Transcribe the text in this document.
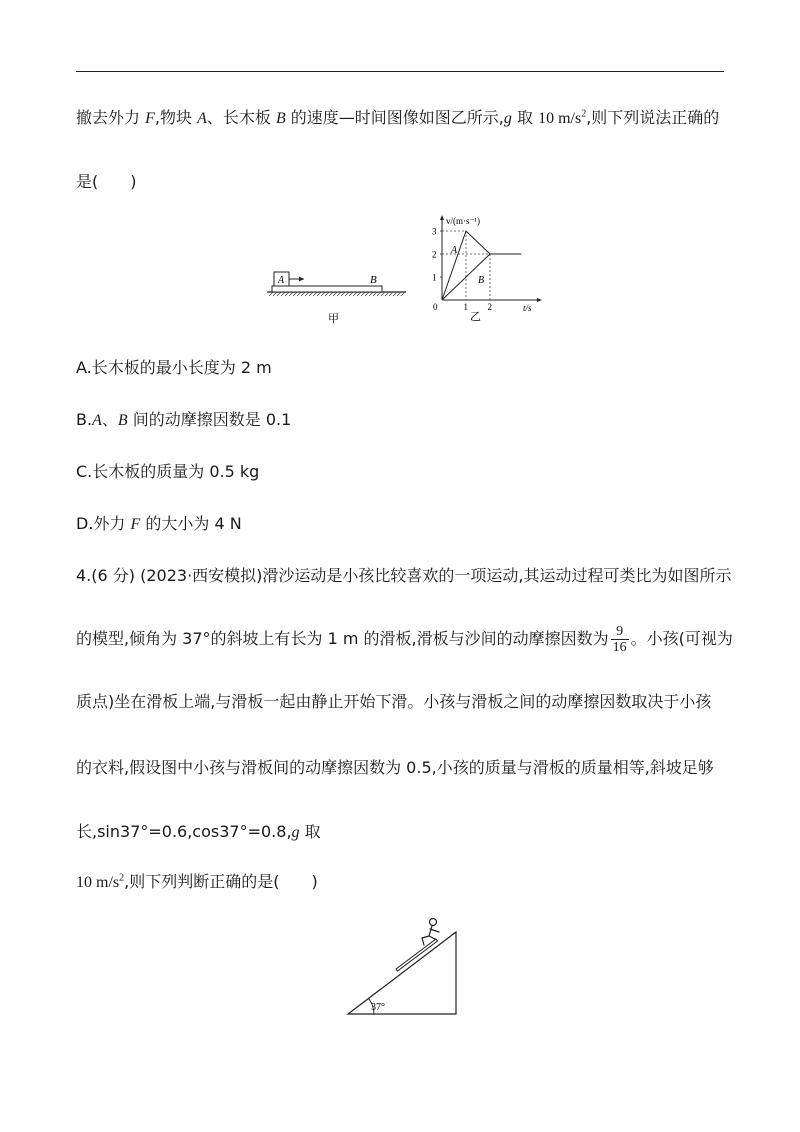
撤去外力 F,物块 A、长木板 B 的速度—时间图像如图乙所示,g 取 10 $m/s^2$,则下列说法正确的
是(　　)
A	B
甲
v/(m·s⁻¹)
t/s
乙
1
2
3
0	1 2
A
B
A.长木板的最小长度为 2 m
B.A、B 间的动摩擦因数是 0.1
C.长木板的质量为 0.5 kg
D.外力 F 的大小为 4 N
4.(6 分) (2023·西安模拟)滑沙运动是小孩比较喜欢的一项运动,其运动过程可类比为如图所示
的模型,倾角为 37°的斜坡上有长为 1 m 的滑板,滑板与沙间的动摩擦因数为 $\frac{9}{16}$ 。小孩(可视为
质点)坐在滑板上端,与滑板一起由静止开始下滑。小孩与滑板之间的动摩擦因数取决于小孩
的衣料,假设图中小孩与滑板间的动摩擦因数为 0.5,小孩的质量与滑板的质量相等,斜坡足够
长,sin37°=0.6,cos37°=0.8,g 取
10 $m/s^2$,则下列判断正确的是(　　)
37°
